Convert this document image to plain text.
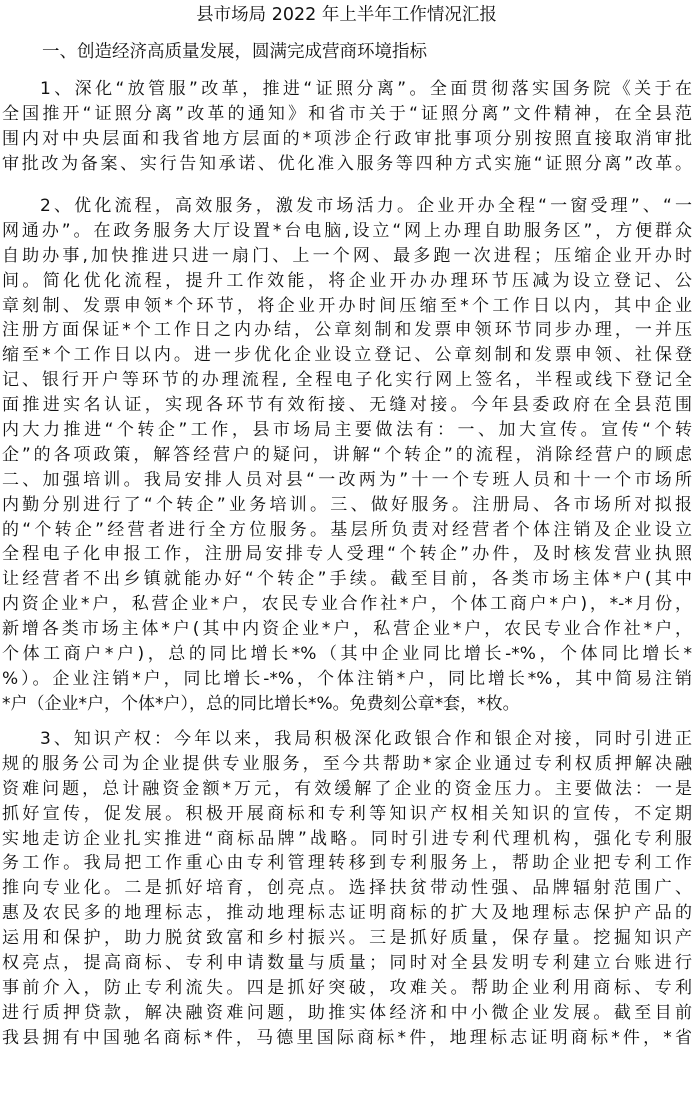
县市场局 2022 年上半年工作情况汇报
一、创造经济高质量发展，圆满完成营商环境指标
1、深化“放管服”改革，推进“证照分离”。全面贯彻落实国务院《关于在
全国推开“证照分离”改革的通知》和省市关于“证照分离”文件精神，在全县范
围内对中央层面和我省地方层面的*项涉企行政审批事项分别按照直接取消审批
审批改为备案、实行告知承诺、优化准入服务等四种方式实施“证照分离”改革。
2、优化流程，高效服务，激发市场活力。企业开办全程“一窗受理”、“一
网通办”。在政务服务大厅设置*台电脑,设立“网上办理自助服务区”，方便群众
自助办事,加快推进只进一扇门、上一个网、最多跑一次进程；压缩企业开办时
间。简化优化流程，提升工作效能，将企业开办办理环节压减为设立登记、公
章刻制、发票申领*个环节，将企业开办时间压缩至*个工作日以内，其中企业
注册方面保证*个工作日之内办结，公章刻制和发票申领环节同步办理，一并压
缩至*个工作日以内。进一步优化企业设立登记、公章刻制和发票申领、社保登
记、银行开户等环节的办理流程, 全程电子化实行网上签名，半程或线下登记全
面推进实名认证，实现各环节有效衔接、无缝对接。今年县委政府在全县范围
内大力推进“个转企”工作，县市场局主要做法有：一、加大宣传。宣传“个转
企”的各项政策，解答经营户的疑问，讲解“个转企”的流程，消除经营户的顾虑
二、加强培训。我局安排人员对县“一改两为”十一个专班人员和十一个市场所
内勤分别进行了“个转企”业务培训。三、做好服务。注册局、各市场所对拟报
的“个转企”经营者进行全方位服务。基层所负责对经营者个体注销及企业设立
全程电子化申报工作，注册局安排专人受理“个转企”办件，及时核发营业执照
让经营者不出乡镇就能办好“个转企”手续。截至目前，各类市场主体*户(其中
内资企业*户，私营企业*户，农民专业合作社*户，个体工商户*户)，*-*月份，
新增各类市场主体*户(其中内资企业*户，私营企业*户，农民专业合作社*户，
个体工商户*户)，总的同比增长*%（其中企业同比增长-*%，个体同比增长*
%）。企业注销*户，同比增长-*%，个体注销*户，同比增长*%，其中简易注销
*户（企业*户，个体*户），总的同比增长*%。免费刻公章*套，*枚。
3、知识产权：今年以来，我局积极深化政银合作和银企对接，同时引进正
规的服务公司为企业提供专业服务，至今共帮助*家企业通过专利权质押解决融
资难问题，总计融资金额*万元，有效缓解了企业的资金压力。主要做法：一是
抓好宣传，促发展。积极开展商标和专利等知识产权相关知识的宣传，不定期
实地走访企业扎实推进“商标品牌”战略。同时引进专利代理机构，强化专利服
务工作。我局把工作重心由专利管理转移到专利服务上，帮助企业把专利工作
推向专业化。二是抓好培育，创亮点。选择扶贫带动性强、品牌辐射范围广、
惠及农民多的地理标志，推动地理标志证明商标的扩大及地理标志保护产品的
运用和保护，助力脱贫致富和乡村振兴。三是抓好质量，保存量。挖掘知识产
权亮点，提高商标、专利申请数量与质量；同时对全县发明专利建立台账进行
事前介入，防止专利流失。四是抓好突破，攻难关。帮助企业利用商标、专利
进行质押贷款，解决融资难问题，助推实体经济和中小微企业发展。截至目前
我县拥有中国驰名商标*件，马德里国际商标*件，地理标志证明商标*件，*省
